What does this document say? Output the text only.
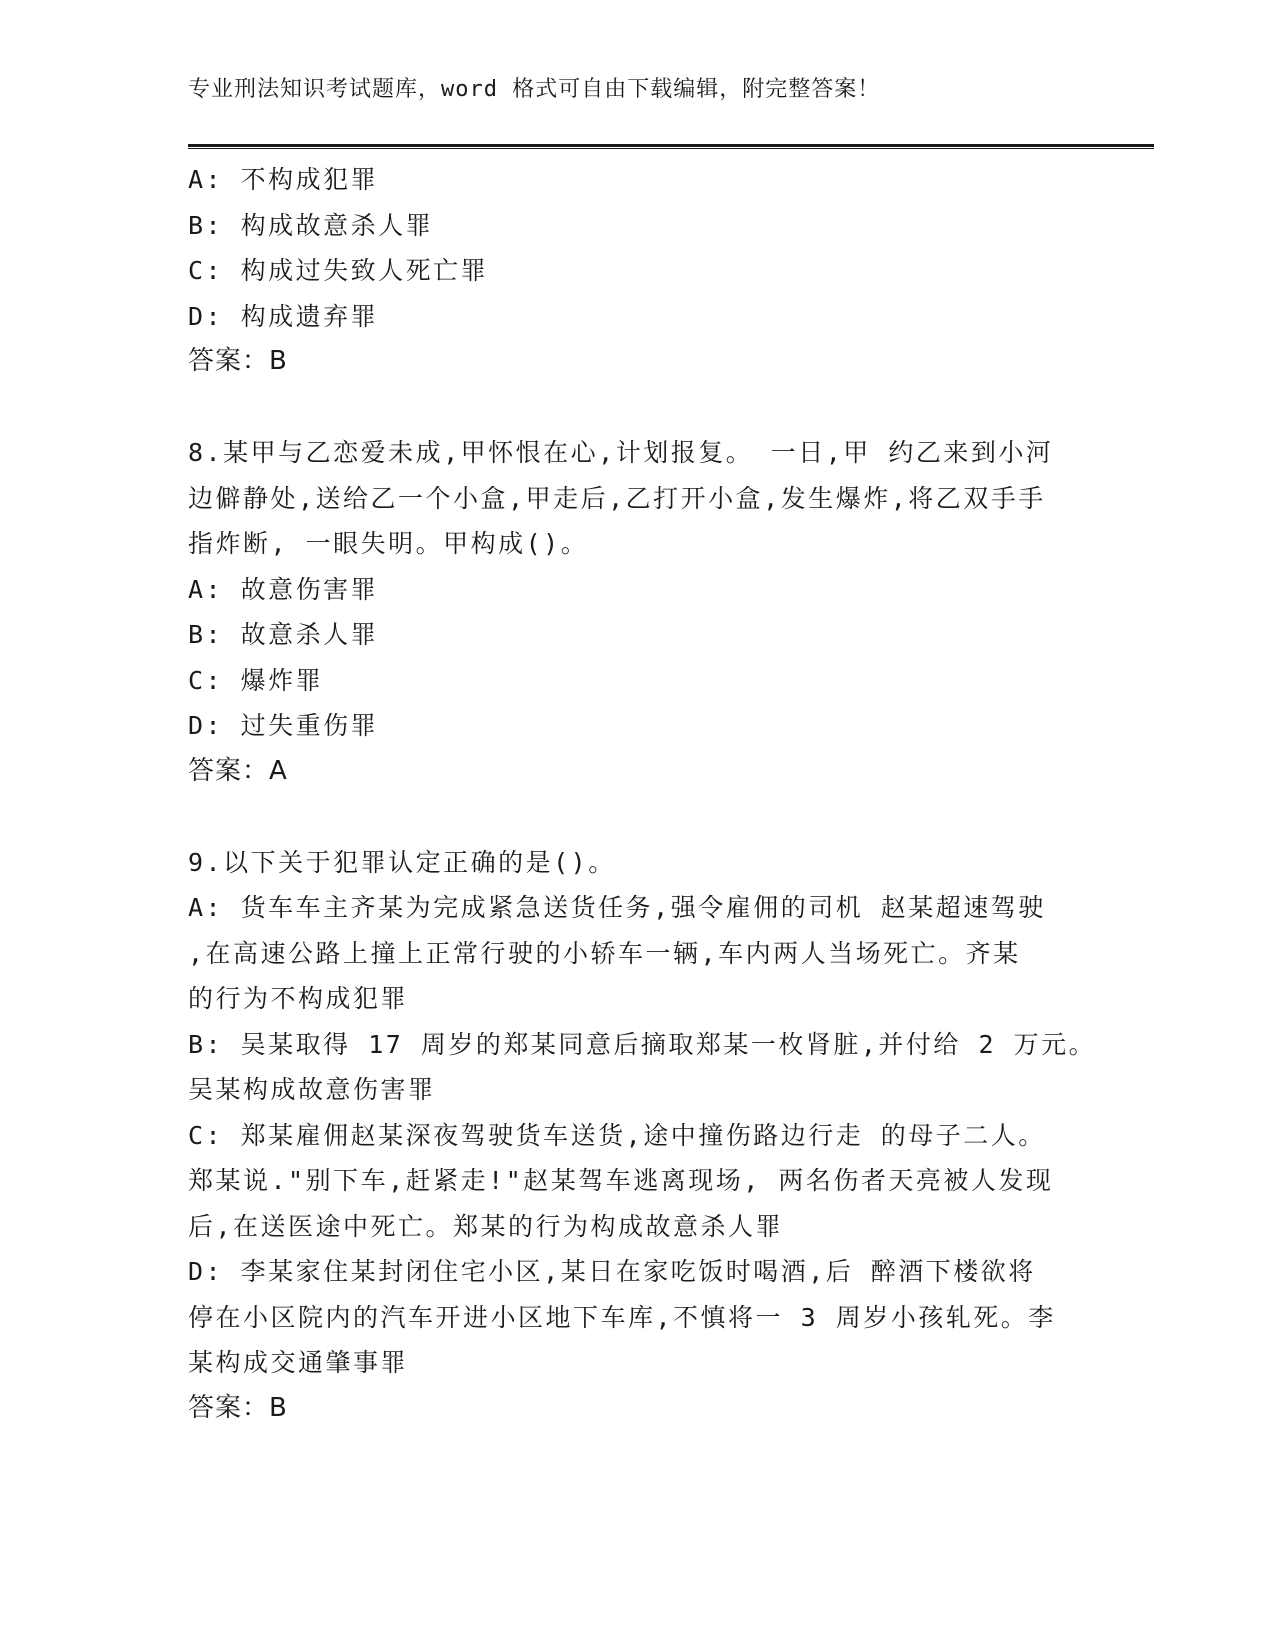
专业刑法知识考试题库，word 格式可自由下载编辑，附完整答案！
A: 不构成犯罪
B: 构成故意杀人罪
C: 构成过失致人死亡罪
D: 构成遗弃罪
答案：B
8.某甲与乙恋爱未成,甲怀恨在心,计划报复。 一日,甲 约乙来到小河
边僻静处,送给乙一个小盒,甲走后,乙打开小盒,发生爆炸,将乙双手手
指炸断, 一眼失明。甲构成()。
A: 故意伤害罪
B: 故意杀人罪
C: 爆炸罪
D: 过失重伤罪
答案：A
9.以下关于犯罪认定正确的是()。
A: 货车车主齐某为完成紧急送货任务,强令雇佣的司机 赵某超速驾驶
,在高速公路上撞上正常行驶的小轿车一辆,车内两人当场死亡。齐某
的行为不构成犯罪
B: 吴某取得 17 周岁的郑某同意后摘取郑某一枚肾脏,并付给 2 万元。
吴某构成故意伤害罪
C: 郑某雇佣赵某深夜驾驶货车送货,途中撞伤路边行走 的母子二人。
郑某说."别下车,赶紧走!"赵某驾车逃离现场, 两名伤者天亮被人发现
后,在送医途中死亡。郑某的行为构成故意杀人罪
D: 李某家住某封闭住宅小区,某日在家吃饭时喝酒,后 醉酒下楼欲将
停在小区院内的汽车开进小区地下车库,不慎将一 3 周岁小孩轧死。李
某构成交通肇事罪
答案：B
